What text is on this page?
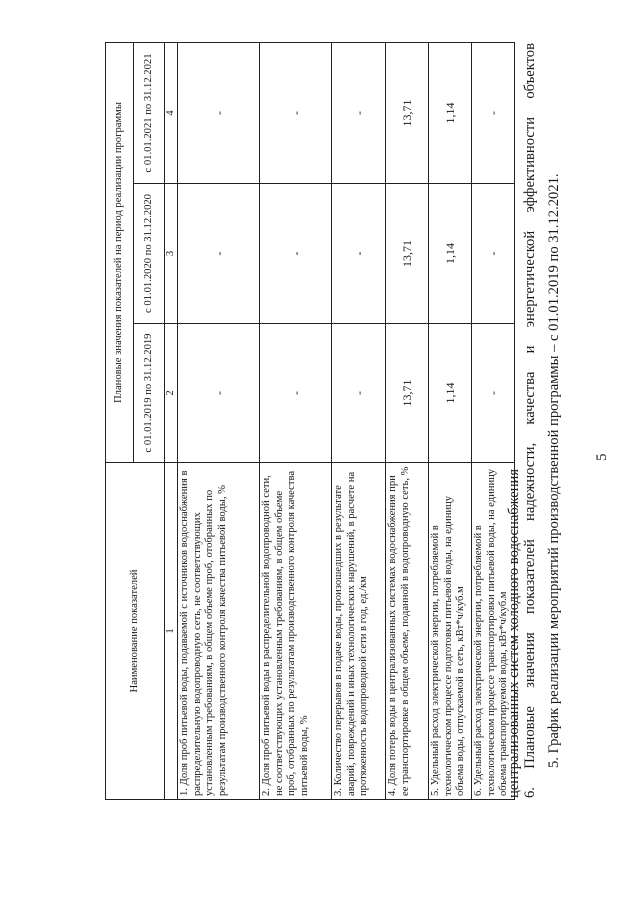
5
5. График реализации мероприятий производственной программы – с 01.01.2019 по 31.12.2021.
6. Плановые значения показателей надежности, качества и энергетической эффективности объектов
централизованных систем холодного водоснабжения
Наименование показателей	Плановые значения показателей на период реализации программы		
	с 01.01.2019 по 31.12.2019	с 01.01.2020 по 31.12.2020	с 01.01.2021 по 31.12.2021
1	2	3	4
1. Доля проб питьевой воды, подаваемой с источников водоснабжения в распределительную водопроводную сеть, не соответствующих установленным требованиям, в общем объеме проб, отобранных по результатам производственного контроля качества питьевой воды, %	-	-	-
2. Доля проб питьевой воды в распределительной водопроводной сети, не соответствующих установленным требованиям, в общем объеме проб, отобранных по результатам производственного контроля качества питьевой воды, %	-	-	-
3. Количество перерывов в подаче воды, произошедших в результате аварий, повреждений и иных технологических нарушений, в расчете на протяженность водопроводной сети в год, ед./км	-	-	-
4. Доля потерь воды в централизованных системах водоснабжения при ее транспортировке в общем объеме, поданной в водопроводную сеть, %	13,71	13,71	13,71
5. Удельный расход электрической энергии, потребляемой в технологическом процессе подготовки питьевой воды, на единицу объема воды, отпускаемой в сеть, кВт*ч/куб.м	1,14	1,14	1,14
6. Удельный расход электрической энергии, потребляемой в технологическом процессе транспортировки питьевой воды, на единицу объема транспортируемой воды, кВт*ч/куб.м	-	-	-
